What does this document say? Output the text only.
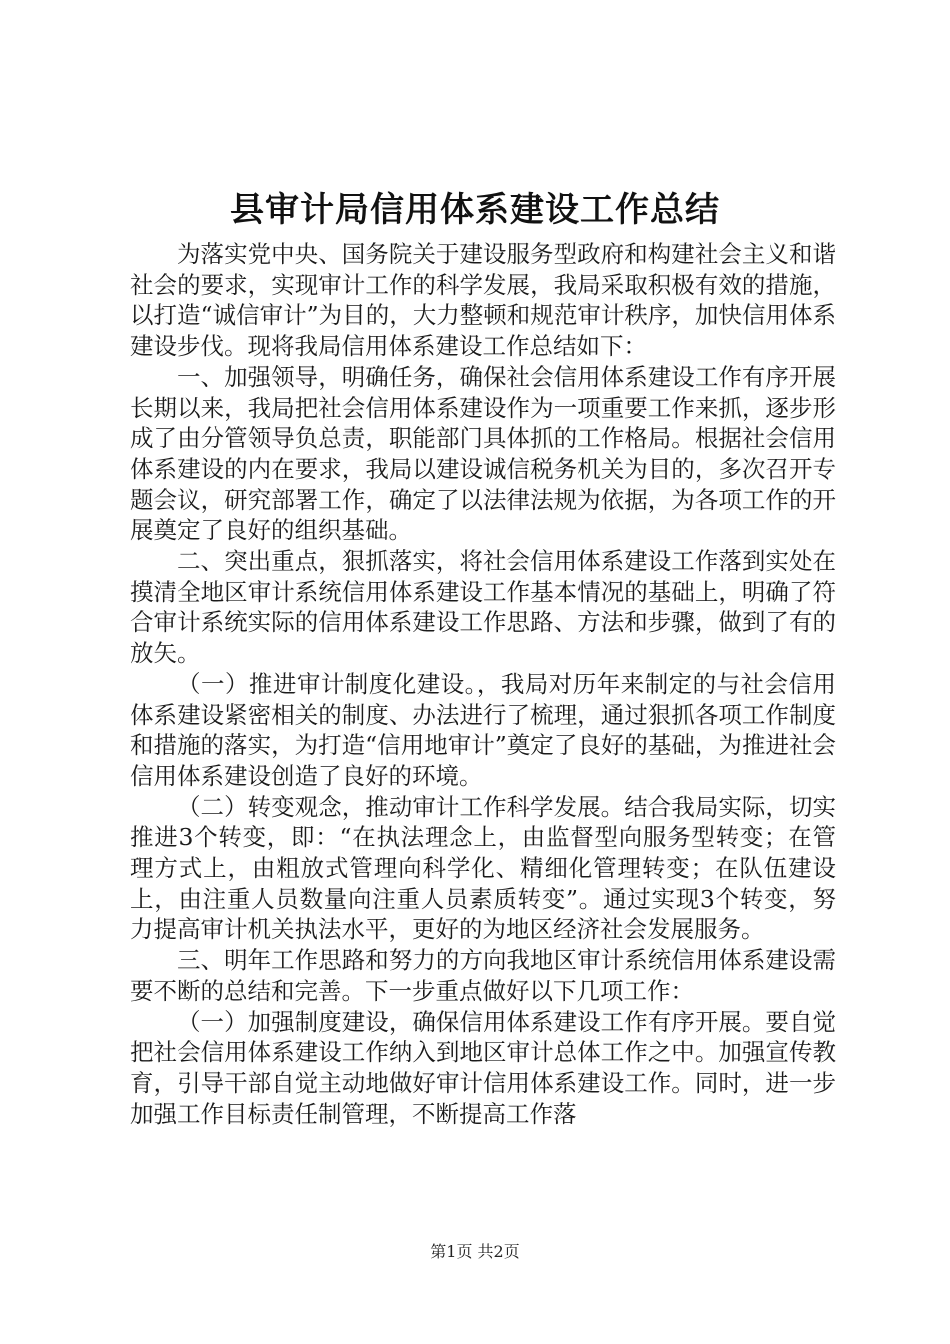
县审计局信用体系建设工作总结

为落实党中央、国务院关于建设服务型政府和构建社会主义和谐社会的要求，实现审计工作的科学发展，我局采取积极有效的措施，以打造“诚信审计”为目的，大力整顿和规范审计秩序，加快信用体系建设步伐。现将我局信用体系建设工作总结如下：

一、加强领导，明确任务，确保社会信用体系建设工作有序开展长期以来，我局把社会信用体系建设作为一项重要工作来抓，逐步形成了由分管领导负总责，职能部门具体抓的工作格局。根据社会信用体系建设的内在要求，我局以建设诚信税务机关为目的，多次召开专题会议，研究部署工作，确定了以法律法规为依据，为各项工作的开展奠定了良好的组织基础。

二、突出重点，狠抓落实，将社会信用体系建设工作落到实处在摸清全地区审计系统信用体系建设工作基本情况的基础上，明确了符合审计系统实际的信用体系建设工作思路、方法和步骤，做到了有的放矢。

（一）推进审计制度化建设。，我局对历年来制定的与社会信用体系建设紧密相关的制度、办法进行了梳理，通过狠抓各项工作制度和措施的落实，为打造“信用地审计”奠定了良好的基础，为推进社会信用体系建设创造了良好的环境。

（二）转变观念，推动审计工作科学发展。结合我局实际，切实推进3个转变，即：“在执法理念上，由监督型向服务型转变；在管理方式上，由粗放式管理向科学化、精细化管理转变；在队伍建设上，由注重人员数量向注重人员素质转变”。通过实现3个转变，努力提高审计机关执法水平，更好的为地区经济社会发展服务。

三、明年工作思路和努力的方向我地区审计系统信用体系建设需要不断的总结和完善。下一步重点做好以下几项工作：

（一）加强制度建设，确保信用体系建设工作有序开展。要自觉把社会信用体系建设工作纳入到地区审计总体工作之中。加强宣传教育，引导干部自觉主动地做好审计信用体系建设工作。同时，进一步加强工作目标责任制管理，不断提高工作落

第1页 共2页
